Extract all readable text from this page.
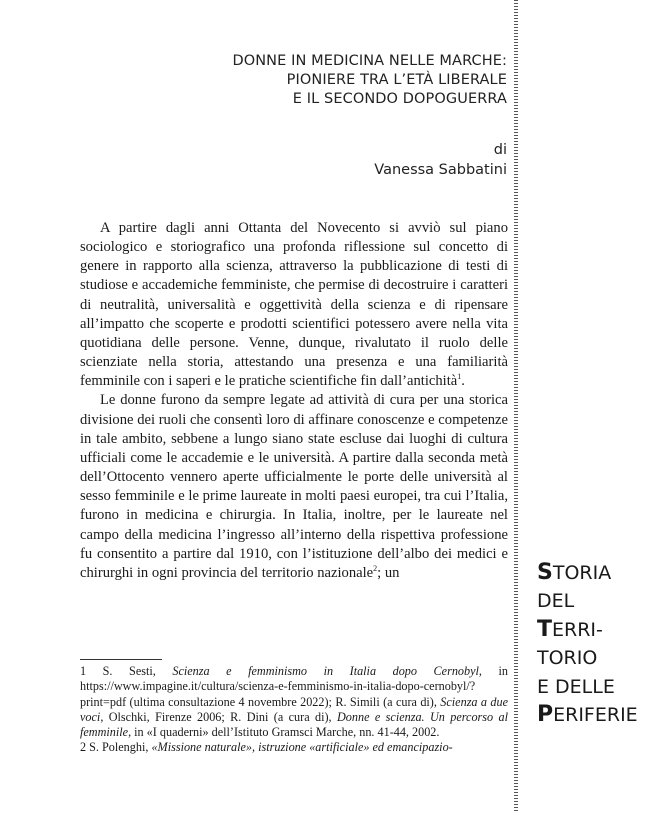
DONNE IN MEDICINA NELLE MARCHE:
PIONIERE TRA L’ETÀ LIBERALE
E IL SECONDO DOPOGUERRA
di
Vanessa Sabbatini

A partire dagli anni Ottanta del Novecento si avviò sul piano sociologico e storiografico una profonda riflessione sul concetto di genere in rapporto alla scienza, attraverso la pubblicazione di testi di studiose e accademiche femministe, che permise di decostruire i caratteri di neutralità, universalità e oggettività della scienza e di ripensare all’impatto che scoperte e prodotti scientifici potessero avere nella vita quotidiana delle persone. Venne, dunque, rivalutato il ruolo delle scienziate nella storia, attestando una presenza e una familiarità femminile con i saperi e le pratiche scientifiche fin dall’antichità$^1$.

Le donne furono da sempre legate ad attività di cura per una storica divisione dei ruoli che consentì loro di affinare conoscenze e competenze in tale ambito, sebbene a lungo siano state escluse dai luoghi di cultura ufficiali come le accademie e le università. A partire dalla seconda metà dell’Ottocento vennero aperte ufficialmente le porte delle università al sesso femminile e le prime laureate in molti paesi europei, tra cui l’Italia, furono in medicina e chirurgia. In Italia, inoltre, per le laureate nel campo della medicina l’ingresso all’interno della rispettiva professione fu consentito a partire dal 1910, con l’istituzione dell’albo dei medici e chirurghi in ogni provincia del territorio nazionale$^2$; un

1 S. Sesti, Scienza e femminismo in Italia dopo Cernobyl, in https://www.impagine.it/cultura/scienza-e-femminismo-in-italia-dopo-cernobyl/?print=pdf (ultima consultazione 4 novembre 2022); R. Simili (a cura di), Scienza a due voci, Olschki, Firenze 2006; R. Dini (a cura di), Donne e scienza. Un percorso al femminile, in «I quaderni» dell’Istituto Gramsci Marche, nn. 41-44, 2002.

2 S. Polenghi, «Missione naturale», istruzione «artificiale» ed emancipazio-

STORIA
DEL
TERRI-
TORIO
E DELLE
PERIFERIE
